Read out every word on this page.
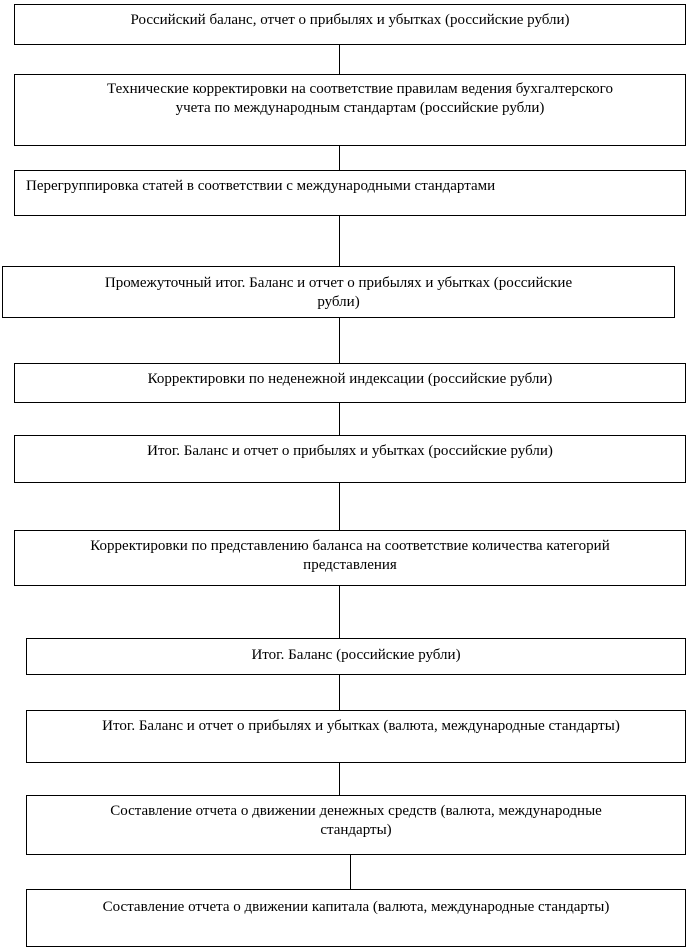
Российский баланс, отчет о прибылях и убытках (российские рубли)
Технические корректировки на соответствие правилам ведения бухгалтерского учета по международным стандартам (российские рубли)
Перегруппировка статей в соответствии с международными стандартами
Промежуточный итог. Баланс и отчет о прибылях и убытках (российские рубли)
Корректировки по неденежной индексации (российские рубли)
Итог. Баланс и отчет о прибылях и убытках (российские рубли)
Корректировки по представлению баланса на соответствие количества категорий представления
Итог. Баланс (российские рубли)
Итог. Баланс и отчет о прибылях и убытках (валюта, международные стандарты)
Составление отчета о движении денежных средств (валюта, международные стандарты)
Составление отчета о движении капитала (валюта, международные стандарты)
